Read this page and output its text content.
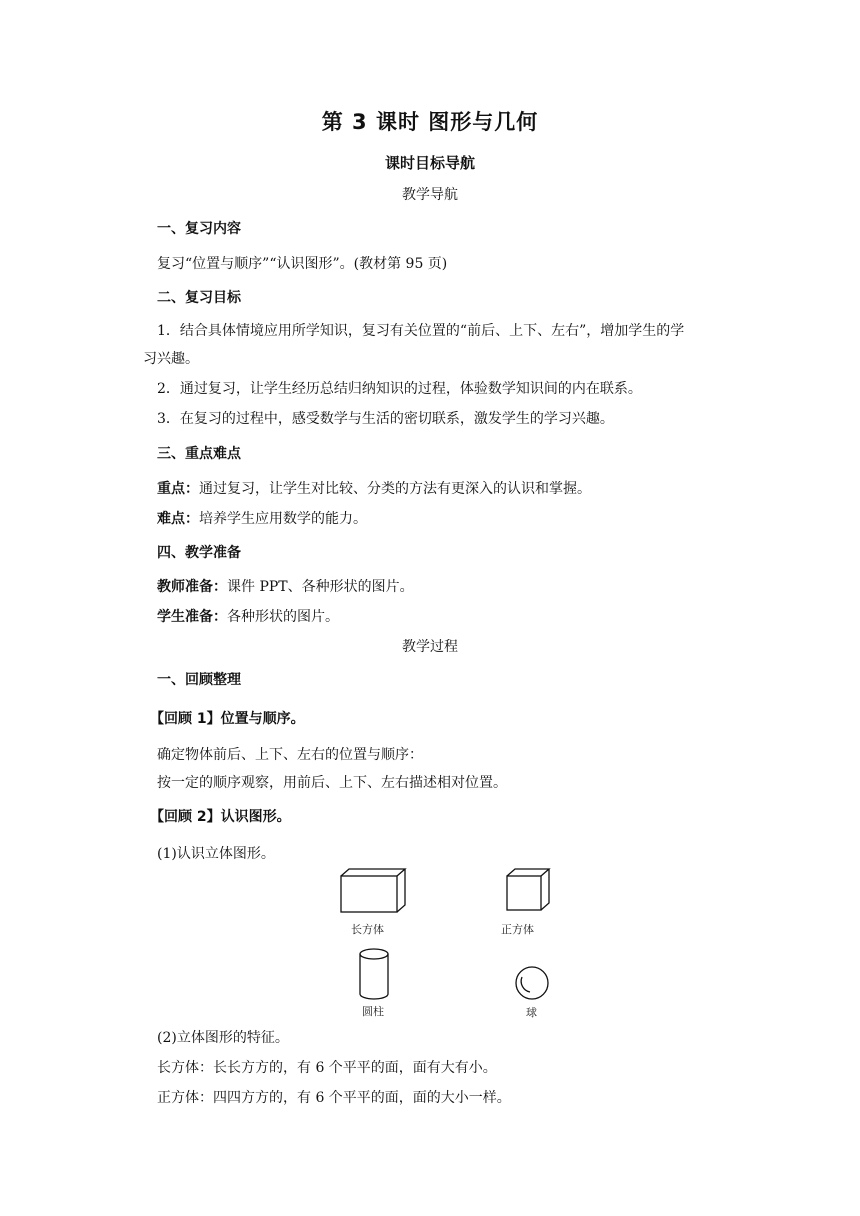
第 3 课时 图形与几何
课时目标导航
教学导航
一、复习内容
复习“位置与顺序”“认识图形”。(教材第 95 页)
二、复习目标
1．结合具体情境应用所学知识，复习有关位置的“前后、上下、左右”，增加学生的学
习兴趣。
2．通过复习，让学生经历总结归纳知识的过程，体验数学知识间的内在联系。
3．在复习的过程中，感受数学与生活的密切联系，激发学生的学习兴趣。
三、重点难点
重点：通过复习，让学生对比较、分类的方法有更深入的认识和掌握。
难点：培养学生应用数学的能力。
四、教学准备
教师准备：课件 PPT、各种形状的图片。
学生准备：各种形状的图片。
教学过程
一、回顾整理
【回顾 1】位置与顺序。
确定物体前后、上下、左右的位置与顺序：
按一定的顺序观察，用前后、上下、左右描述相对位置。
【回顾 2】认识图形。
(1)认识立体图形。
长方体	正方体
圆柱	球
(2)立体图形的特征。
长方体：长长方方的，有 6 个平平的面，面有大有小。
正方体：四四方方的，有 6 个平平的面，面的大小一样。
